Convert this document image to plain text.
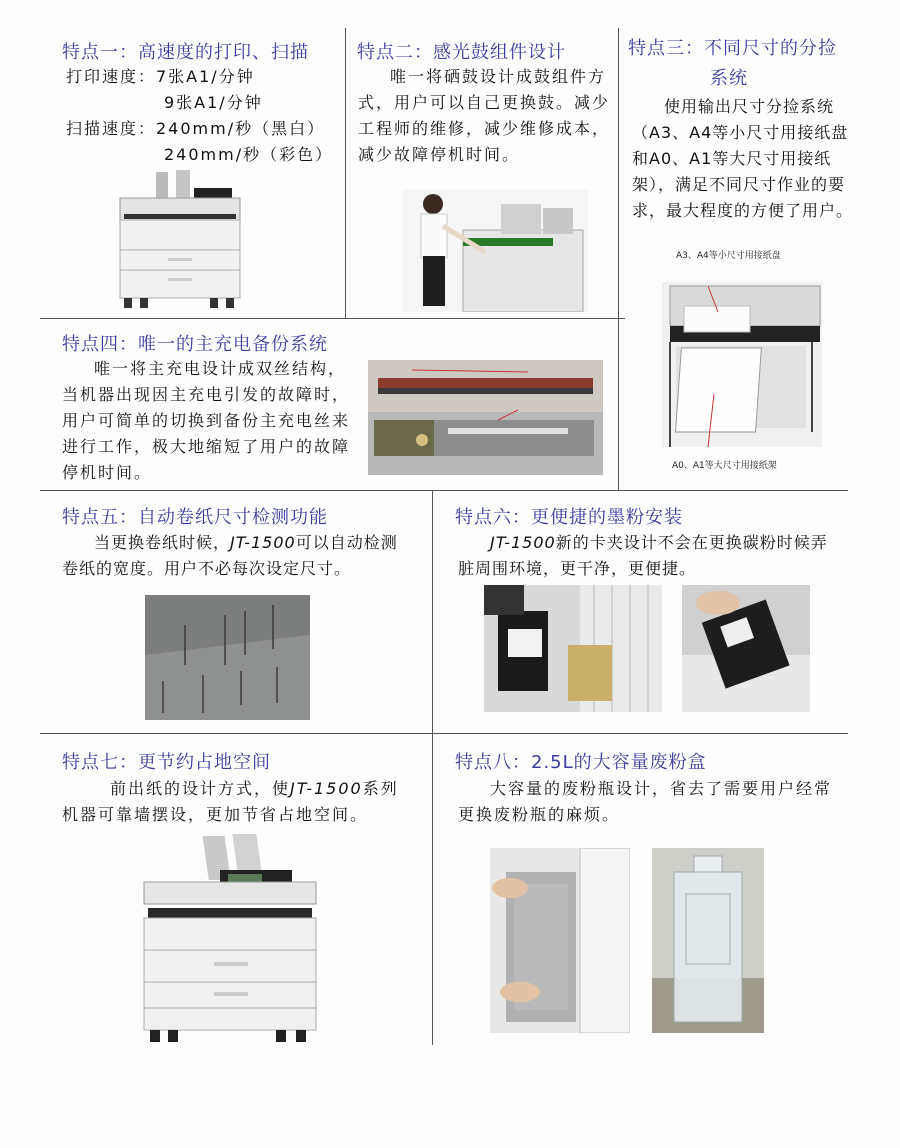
特点一：高速度的打印、扫描

打印速度：7张A1/分钟

9张A1/分钟

扫描速度：240mm/秒（黑白）

240mm/秒（彩色）

特点二：感光鼓组件设计
唯一将硒鼓设计成鼓组件方式，用户可以自己更换鼓。减少工程师的维修，减少维修成本，减少故障停机时间。
特点三：不同尺寸的分捡
系统
使用输出尺寸分捡系统（A3、A4等小尺寸用接纸盘和A0、A1等大尺寸用接纸架），满足不同尺寸作业的要求，最大程度的方便了用户。
A3、A4等小尺寸用接纸盘
A0、A1等大尺寸用接纸架
特点四：唯一的主充电备份系统
唯一将主充电设计成双丝结构，当机器出现因主充电引发的故障时，用户可简单的切换到备份主充电丝来进行工作，极大地缩短了用户的故障停机时间。
特点五：自动卷纸尺寸检测功能
当更换卷纸时候，JT-1500可以自动检测卷纸的宽度。用户不必每次设定尺寸。
特点六：更便捷的墨粉安装
JT-1500新的卡夹设计不会在更换碳粉时候弄脏周围环境，更干净，更便捷。
特点七：更节约占地空间
前出纸的设计方式，使JT-1500系列机器可靠墙摆设，更加节省占地空间。
特点八：2.5L的大容量废粉盒
大容量的废粉瓶设计，省去了需要用户经常更换废粉瓶的麻烦。
